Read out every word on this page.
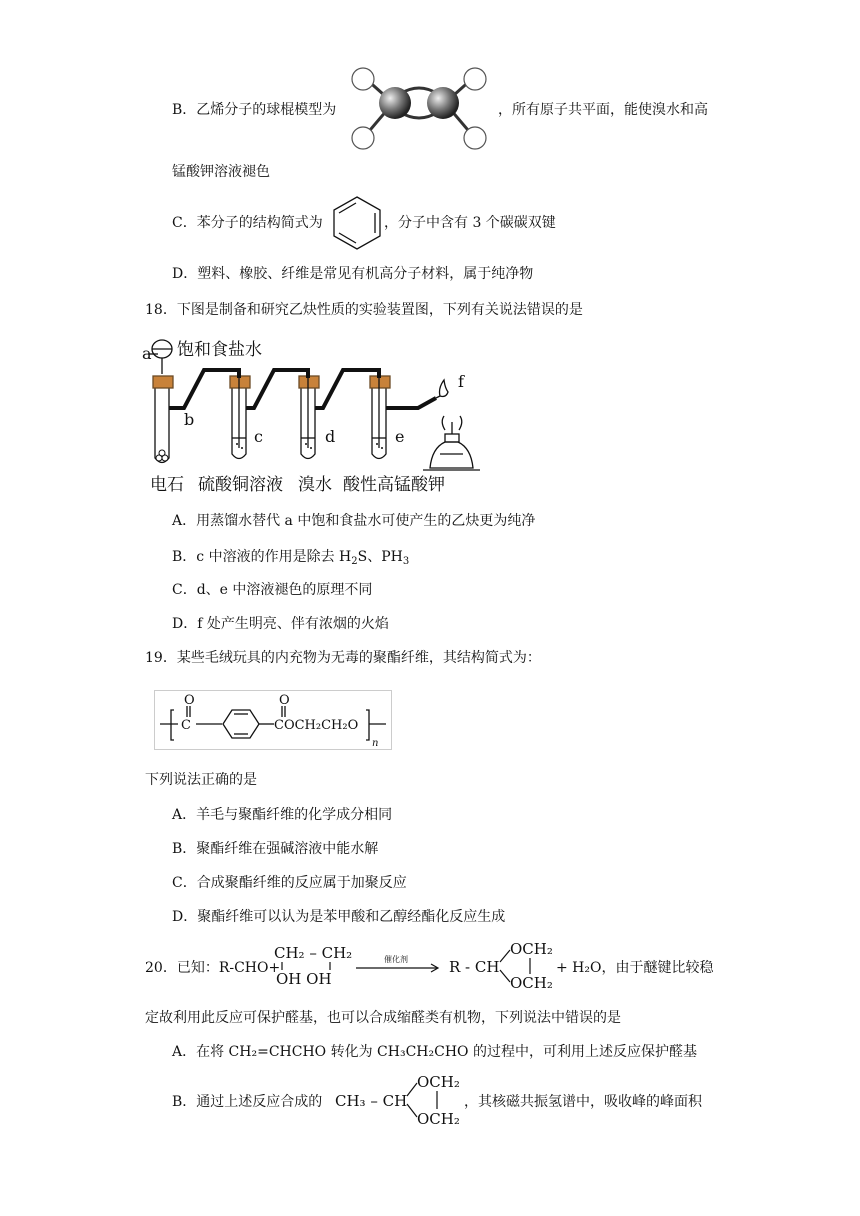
B．乙烯分子的球棍模型为	，所有原子共平面，能使溴水和高
锰酸钾溶液褪色
C．苯分子的结构简式为	，分子中含有 3 个碳碳双键
D．塑料、橡胶、纤维是常见有机高分子材料，属于纯净物
18．下图是制备和研究乙炔性质的实验装置图，下列有关说法错误的是
a
b
c	d	e
f
饱和食盐水
电石 硫酸铜溶液 溴水 酸性高锰酸钾
A．用蒸馏水替代 a 中饱和食盐水可使产生的乙炔更为纯净
B．c 中溶液的作用是除去 $H_2S$、$PH_3$
C．d、e 中溶液褪色的原理不同
D．f 处产生明亮、伴有浓烟的火焰
19．某些毛绒玩具的内充物为无毒的聚酯纤维，其结构简式为：
O
C
O
COCH₂CH₂O
n
下列说法正确的是
A．羊毛与聚酯纤维的化学成分相同
B．聚酯纤维在强碱溶液中能水解
C．合成聚酯纤维的反应属于加聚反应
D．聚酯纤维可以认为是苯甲酸和乙醇经酯化反应生成
20．已知：R-CHO+
CH₂ – CH₂
OH OH
R - CH
OCH₂
OCH₂
催化剂
+ H₂O，由于醚键比较稳
定故利用此反应可保护醛基，也可以合成缩醛类有机物，下列说法中错误的是
A．在将 CH₂=CHCHO 转化为 CH₃CH₂CHO 的过程中，可利用上述反应保护醛基
B．通过上述反应合成的 CH₃ – CH
OCH₂
OCH₂
，其核磁共振氢谱中，吸收峰的峰面积
